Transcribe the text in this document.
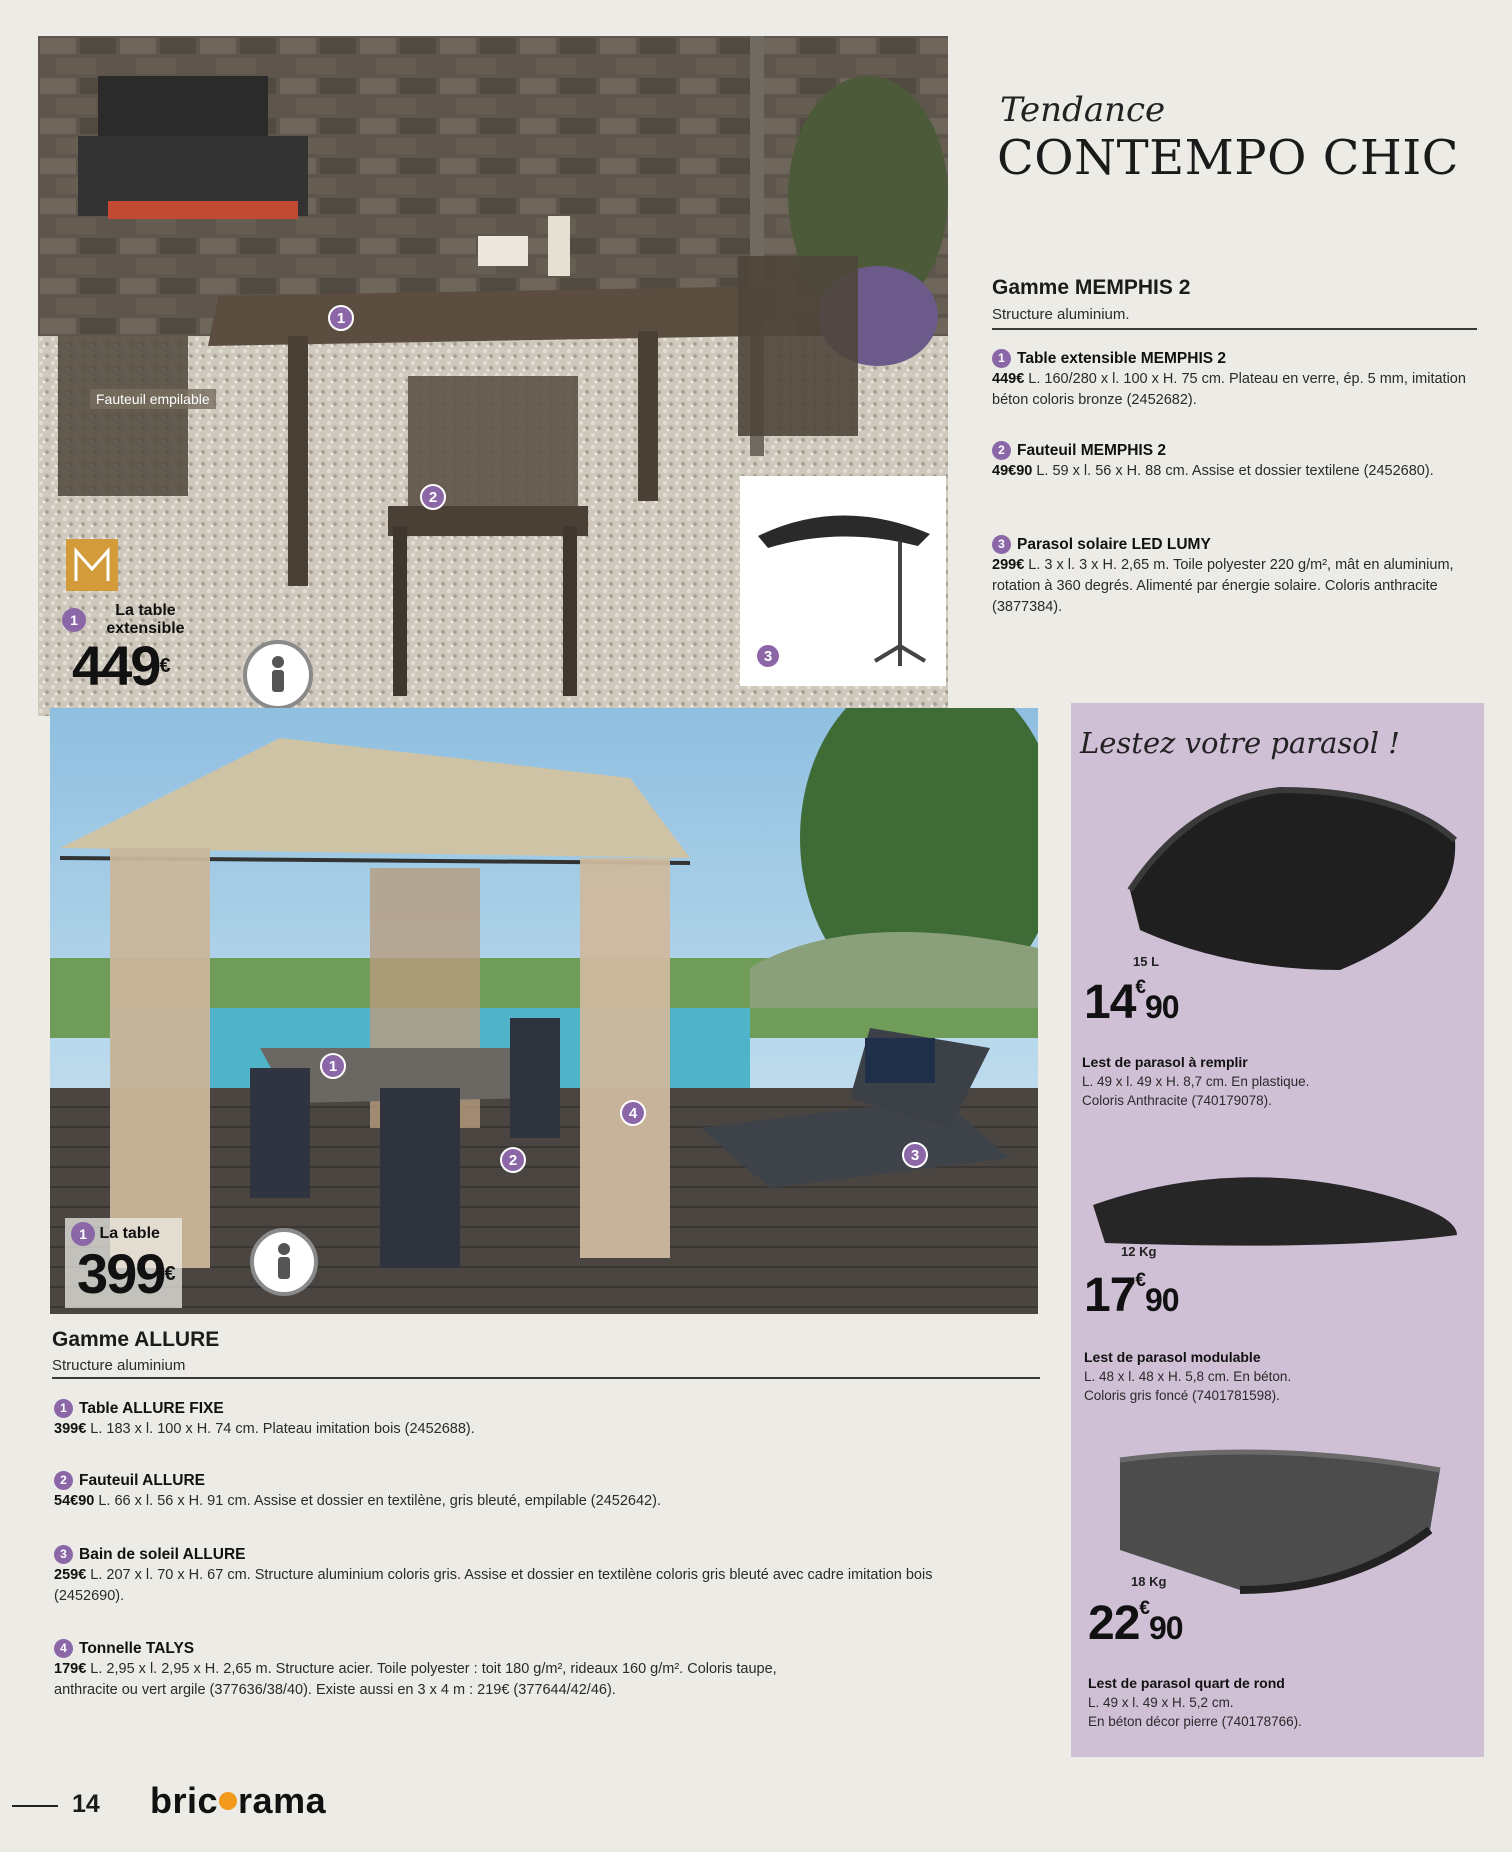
Fauteuil empilable
1
2
3
1 La table extensible
449€
Tendance
CONTEMPO CHIC
Gamme MEMPHIS 2
Structure aluminium.
1 Table extensible MEMPHIS 2
449€ L. 160/280 x l. 100 x H. 75 cm. Plateau en verre, ép. 5 mm, imitation béton coloris bronze (2452682).
2 Fauteuil MEMPHIS 2
49€90 L. 59 x l. 56 x H. 88 cm. Assise et dossier textilene (2452680).
3 Parasol solaire LED LUMY
299€ L. 3 x l. 3 x H. 2,65 m. Toile polyester 220 g/m², mât en aluminium, rotation à 360 degrés. Alimenté par énergie solaire. Coloris anthracite (3877384).
1
2	3
4
1 La table
399€
Gamme ALLURE
Structure aluminium
1 Table ALLURE FIXE
399€ L. 183 x l. 100 x H. 74 cm. Plateau imitation bois (2452688).
2 Fauteuil ALLURE
54€90 L. 66 x l. 56 x H. 91 cm. Assise et dossier en textilène, gris bleuté, empilable (2452642).
3 Bain de soleil ALLURE
259€ L. 207 x l. 70 x H. 67 cm. Structure aluminium coloris gris. Assise et dossier en textilène coloris gris bleuté avec cadre imitation bois (2452690).
4 Tonnelle TALYS
179€ L. 2,95 x l. 2,95 x H. 2,65 m. Structure acier. Toile polyester : toit 180 g/m², rideaux 160 g/m². Coloris taupe, anthracite ou vert argile (377636/38/40). Existe aussi en 3 x 4 m : 219€ (377644/42/46).
Lestez votre parasol !
15 L
14€90
Lest de parasol à remplir
L. 49 x l. 49 x H. 8,7 cm. En plastique.
Coloris Anthracite (740179078).
12 Kg
17€90
Lest de parasol modulable
L. 48 x l. 48 x H. 5,8 cm. En béton.
Coloris gris foncé (7401781598).
18 Kg
22€90
Lest de parasol quart de rond
L. 49 x l. 49 x H. 5,2 cm.
En béton décor pierre (740178766).
14 bric rama
